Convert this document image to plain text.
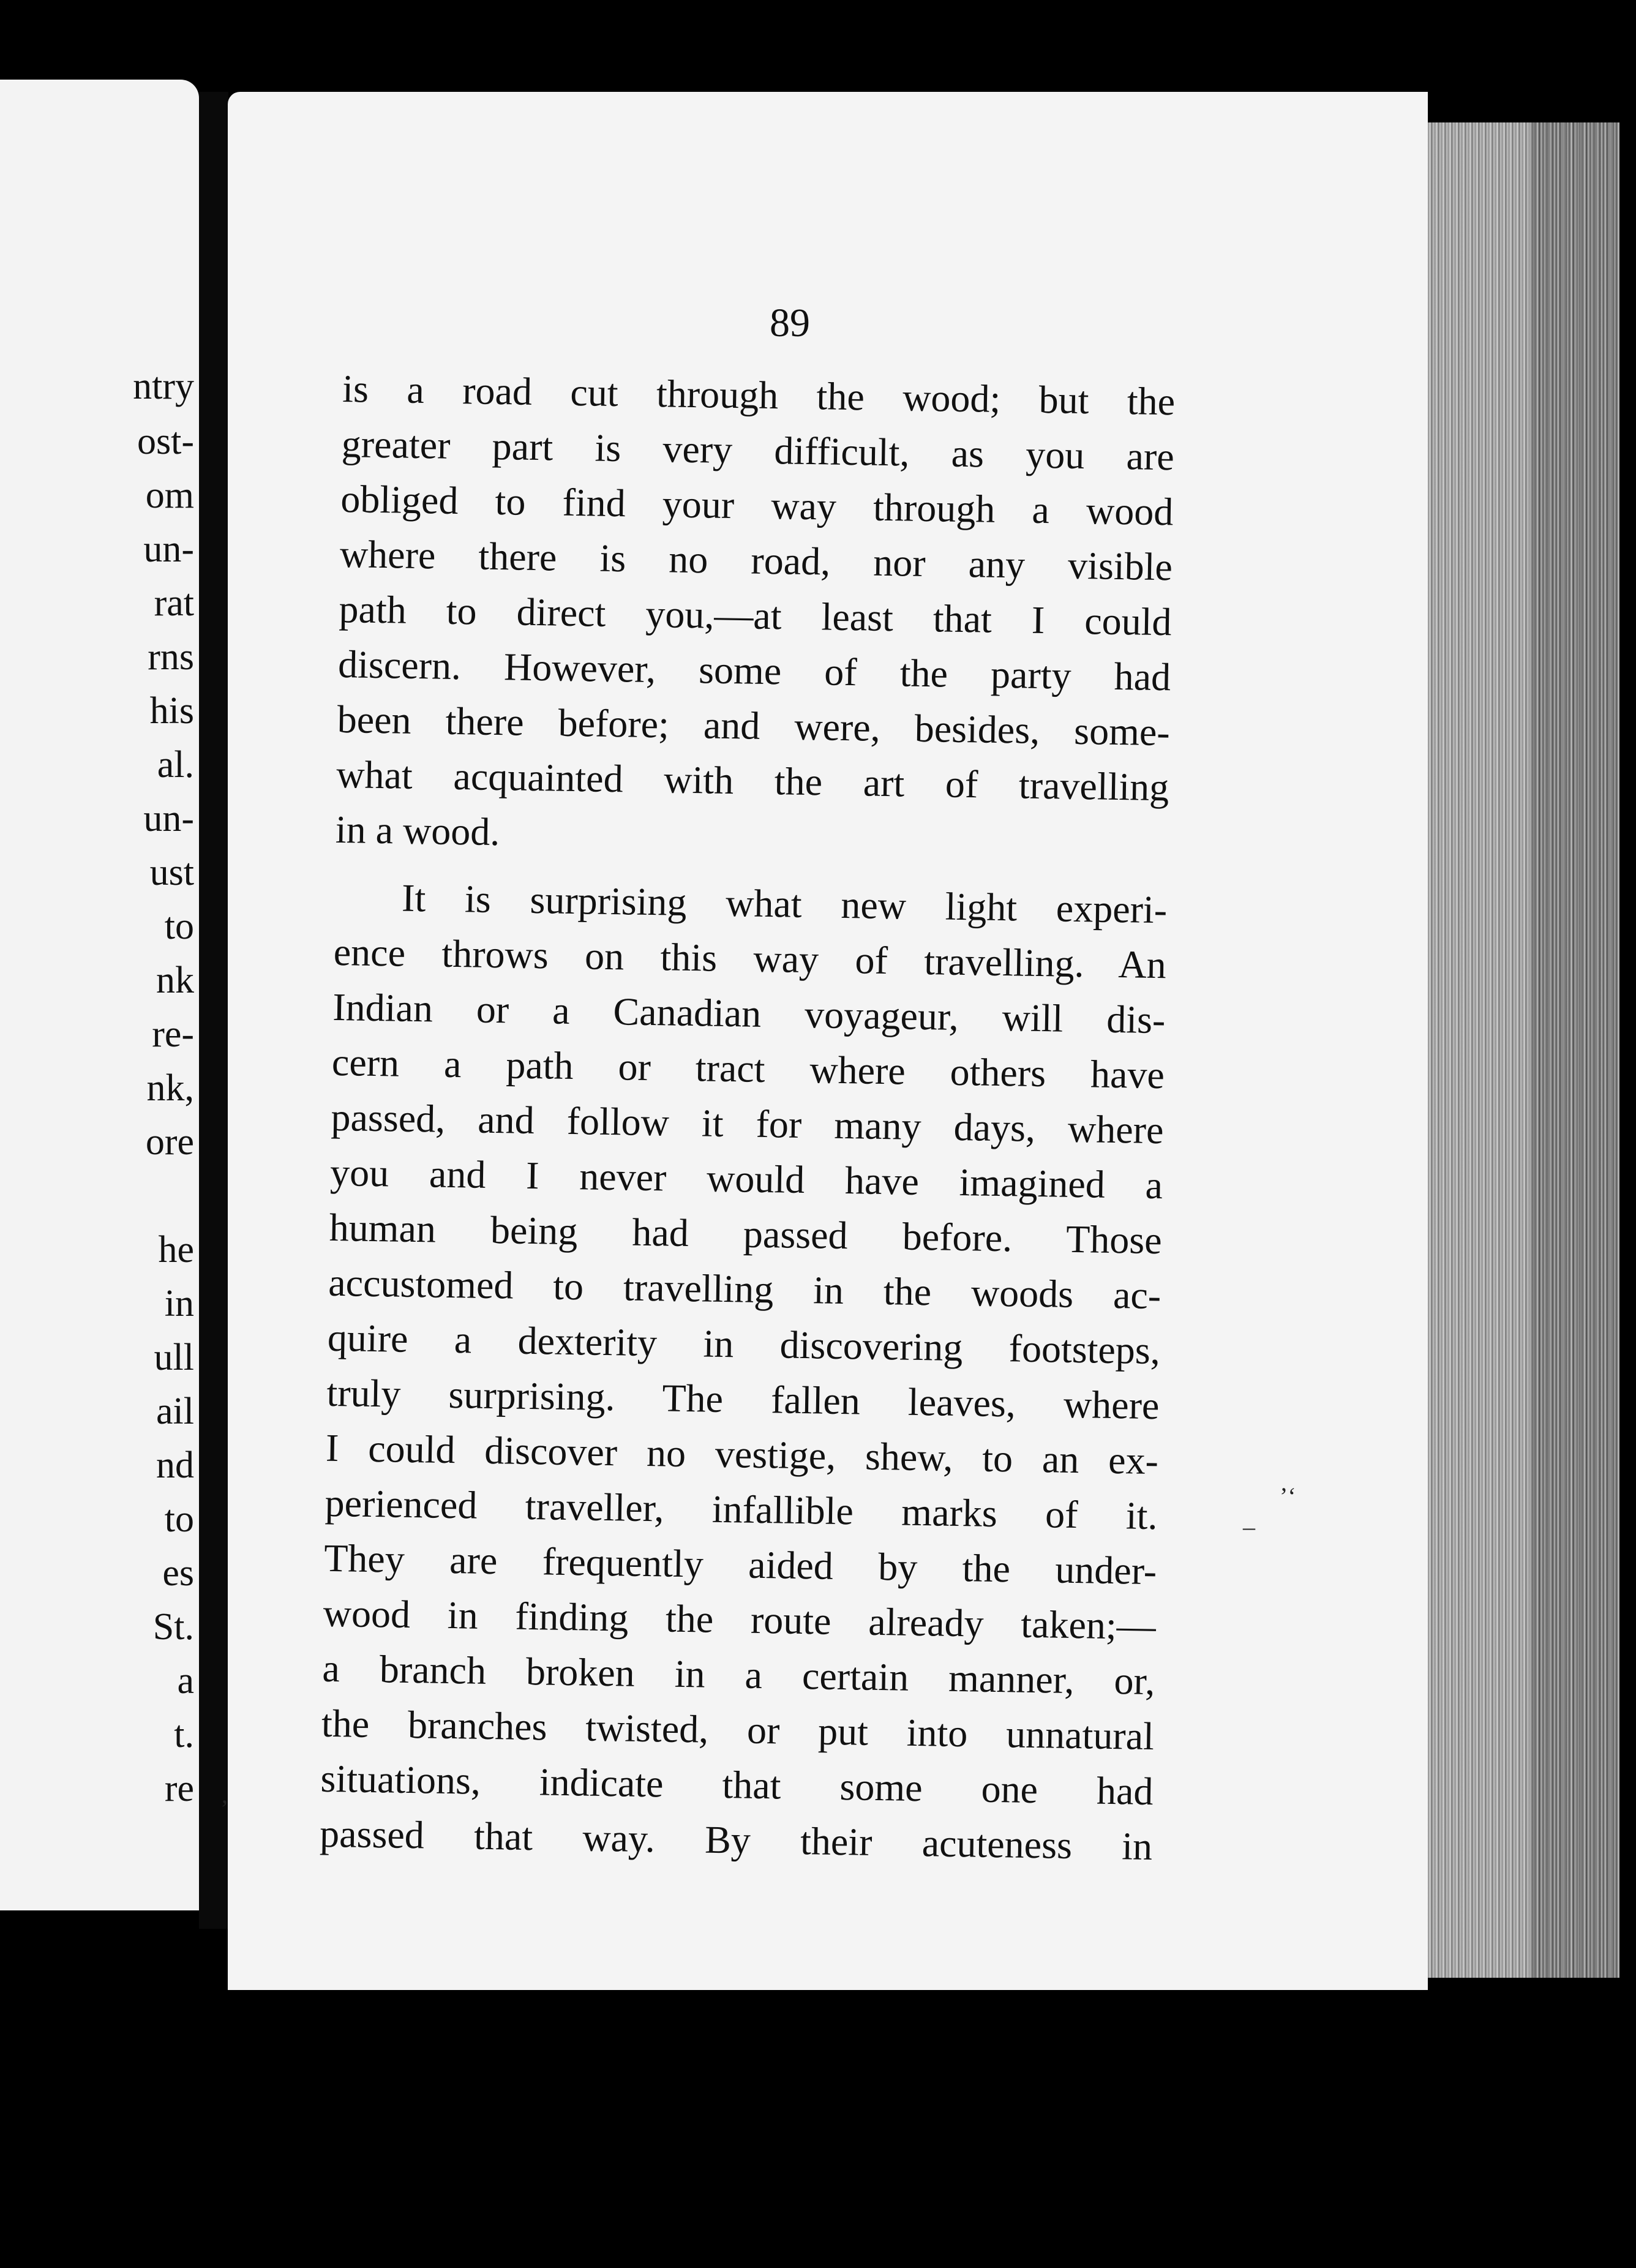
ntry
ost-
om
un-
rat
rns
his
al.
un-
ust
to
nk
re-
nk,
ore
he
in
ull
ail
nd
to
es
St.
a
t.
re
89
is a road cut through the wood; but the
greater part is very difficult, as you are
obliged to find your way through a wood
where there is no road, nor any visible
path to direct you,—at least that I could
discern. However, some of the party had
been there before; and were, besides, some-
what acquainted with the art of travelling
in a wood.
It is surprising what new light experi-
ence throws on this way of travelling. An
Indian or a Canadian voyageur, will dis-
cern a path or tract where others have
passed, and follow it for many days, where
you and I never would have imagined a
human being had passed before. Those
accustomed to travelling in the woods ac-
quire a dexterity in discovering footsteps,
truly surprising. The fallen leaves, where
I could discover no vestige, shew, to an ex-
perienced traveller, infallible marks of it.
They are frequently aided by the under-
wood in finding the route already taken;—
a branch broken in a certain manner, or,
the branches twisted, or put into unnatural
situations, indicate that some one had
passed that way. By their acuteness in
’‘
–
’
